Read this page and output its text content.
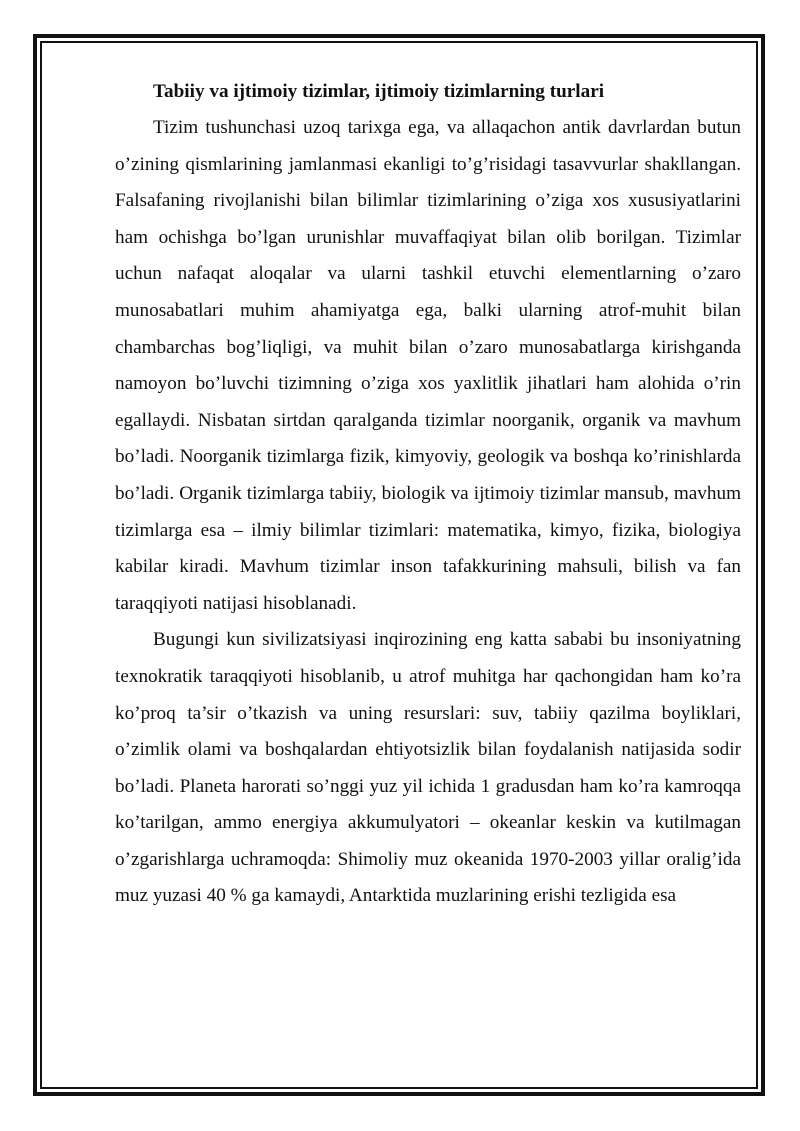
Tabiiy va ijtimoiy tizimlar, ijtimoiy tizimlarning turlari

Tizim tushunchasi uzoq tarixga ega, va allaqachon antik davrlardan butun o’zining qismlarining jamlanmasi ekanligi to’g’risidagi tasavvurlar shakllangan. Falsafaning rivojlanishi bilan bilimlar tizimlarining o’ziga xos xususiyatlarini ham ochishga bo’lgan urunishlar muvaffaqiyat bilan olib borilgan. Tizimlar uchun nafaqat aloqalar va ularni tashkil etuvchi elementlarning o’zaro munosabatlari muhim ahamiyatga ega, balki ularning atrof-muhit bilan chambarchas bog’liqligi, va muhit bilan o’zaro munosabatlarga kirishganda namoyon bo’luvchi tizimning o’ziga xos yaxlitlik jihatlari ham alohida o’rin egallaydi. Nisbatan sirtdan qaralganda tizimlar noorganik, organik va mavhum bo’ladi. Noorganik tizimlarga fizik, kimyoviy, geologik va boshqa ko’rinishlarda bo’ladi. Organik tizimlarga tabiiy, biologik va ijtimoiy tizimlar mansub, mavhum tizimlarga esa – ilmiy bilimlar tizimlari: matematika, kimyo, fizika, biologiya kabilar kiradi. Mavhum tizimlar inson tafakkurining mahsuli, bilish va fan taraqqiyoti natijasi hisoblanadi.

Bugungi kun sivilizatsiyasi inqirozining eng katta sababi bu insoniyatning texnokratik taraqqiyoti hisoblanib, u atrof muhitga har qachongidan ham ko’ra ko’proq ta’sir o’tkazish va uning resurslari: suv, tabiiy qazilma boyliklari, o’zimlik olami va boshqalardan ehtiyotsizlik bilan foydalanish natijasida sodir bo’ladi. Planeta harorati so’nggi yuz yil ichida 1 gradusdan ham ko’ra kamroqqa ko’tarilgan, ammo energiya akkumulyatori – okeanlar keskin va kutilmagan o’zgarishlarga uchramoqda: Shimoliy muz okeanida 1970-2003 yillar oralig’ida muz yuzasi 40 % ga kamaydi, Antarktida muzlarining erishi tezligida esa
